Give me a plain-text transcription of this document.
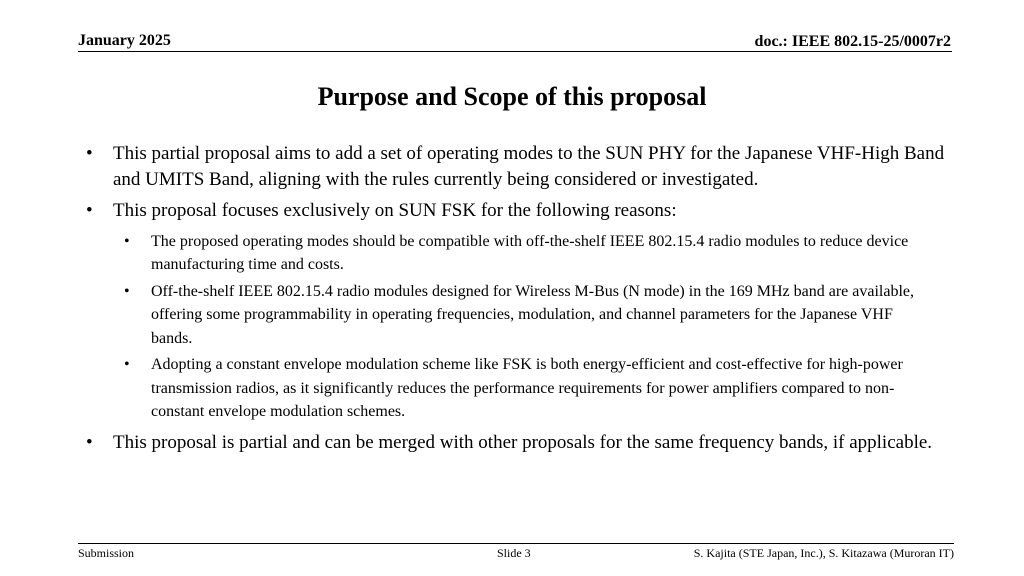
January 2025	doc.: IEEE 802.15-25/0007r2
Purpose and Scope of this proposal
• This partial proposal aims to add a set of operating modes to the SUN PHY for the Japanese VHF-High Band and UMITS Band, aligning with the rules currently being considered or investigated.
• This proposal focuses exclusively on SUN FSK for the following reasons:
• The proposed operating modes should be compatible with off-the-shelf IEEE 802.15.4 radio modules to reduce device manufacturing time and costs.
• Off-the-shelf IEEE 802.15.4 radio modules designed for Wireless M-Bus (N mode) in the 169 MHz band are available, offering some programmability in operating frequencies, modulation, and channel parameters for the Japanese VHF bands.
• Adopting a constant envelope modulation scheme like FSK is both energy-efficient and cost-effective for high-power transmission radios, as it significantly reduces the performance requirements for power amplifiers compared to non-constant envelope modulation schemes.
• This proposal is partial and can be merged with other proposals for the same frequency bands, if applicable.
Submission	Slide 3	S. Kajita (STE Japan, Inc.), S. Kitazawa (Muroran IT)
